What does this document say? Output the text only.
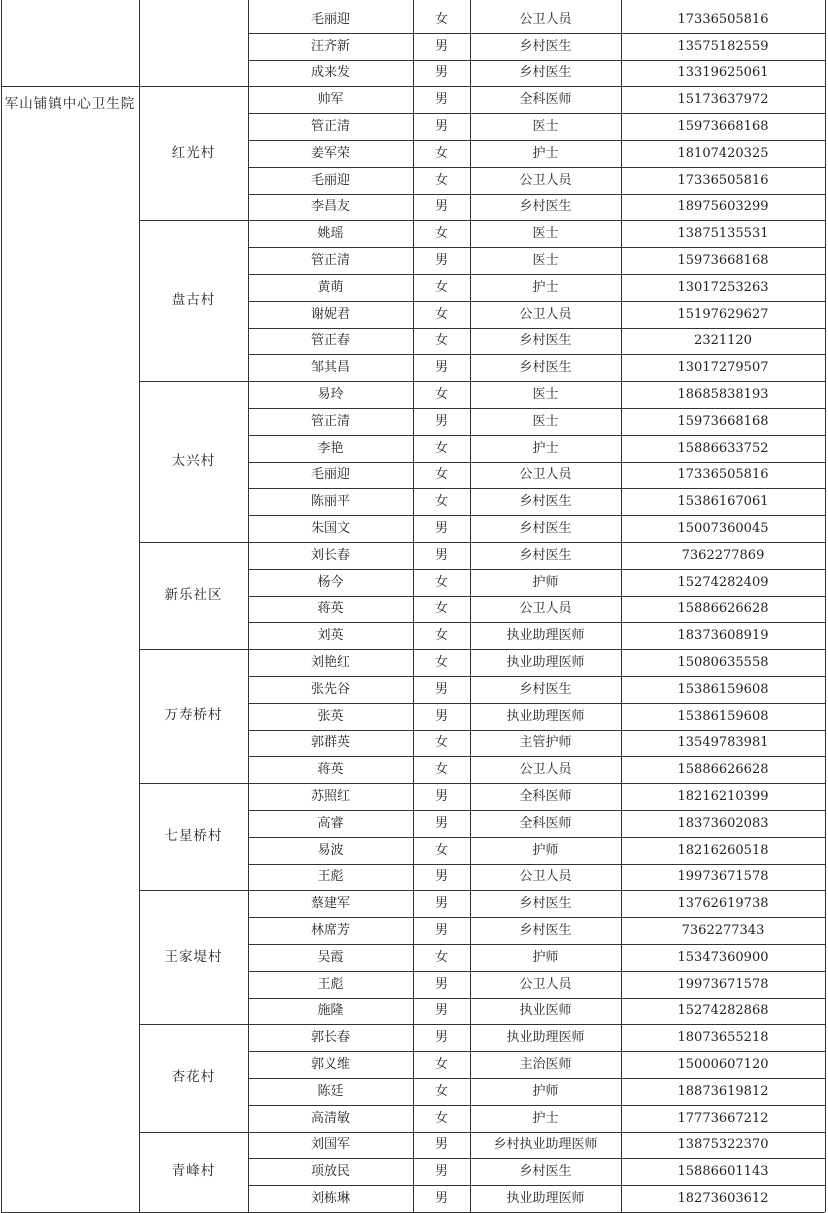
军山铺镇中心卫生院
毛丽迎	女	公卫人员	17336505816
汪齐新	男	乡村医生	13575182559
成来发	男	乡村医生	13319625061
红光村
帅军	男	全科医师	15173637972
管正清	男	医士	15973668168
姜军荣	女	护士	18107420325
毛丽迎	女	公卫人员	17336505816
李昌友	男	乡村医生	18975603299
盘古村
姚瑶	女	医士	13875135531
管正清	男	医士	15973668168
黄萌	女	护士	13017253263
谢妮君	女	公卫人员	15197629627
管正春	女	乡村医生	2321120
邹其昌	男	乡村医生	13017279507
太兴村
易玲	女	医士	18685838193
管正清	男	医士	15973668168
李艳	女	护士	15886633752
毛丽迎	女	公卫人员	17336505816
陈丽平	女	乡村医生	15386167061
朱国文	男	乡村医生	15007360045
新乐社区
刘长春	男	乡村医生	7362277869
杨今	女	护师	15274282409
蒋英	女	公卫人员	15886626628
刘英	女	执业助理医师	18373608919
万寿桥村
刘艳红	女	执业助理医师	15080635558
张先谷	男	乡村医生	15386159608
张英	男	执业助理医师	15386159608
郭群英	女	主管护师	13549783981
蒋英	女	公卫人员	15886626628
七星桥村
苏照红	男	全科医师	18216210399
高睿	男	全科医师	18373602083
易波	女	护师	18216260518
王彪	男	公卫人员	19973671578
王家堤村
蔡建军	男	乡村医生	13762619738
林席芳	男	乡村医生	7362277343
吴霞	女	护师	15347360900
王彪	男	公卫人员	19973671578
施隆	男	执业医师	15274282868
杏花村
郭长春	男	执业助理医师	18073655218
郭义维	女	主治医师	15000607120
陈廷	女	护师	18873619812
高清敏	女	护士	17773667212
青峰村
刘国军	男	乡村执业助理医师	13875322370
项放民	男	乡村医生	15886601143
刘栋琳	男	执业助理医师	18273603612
